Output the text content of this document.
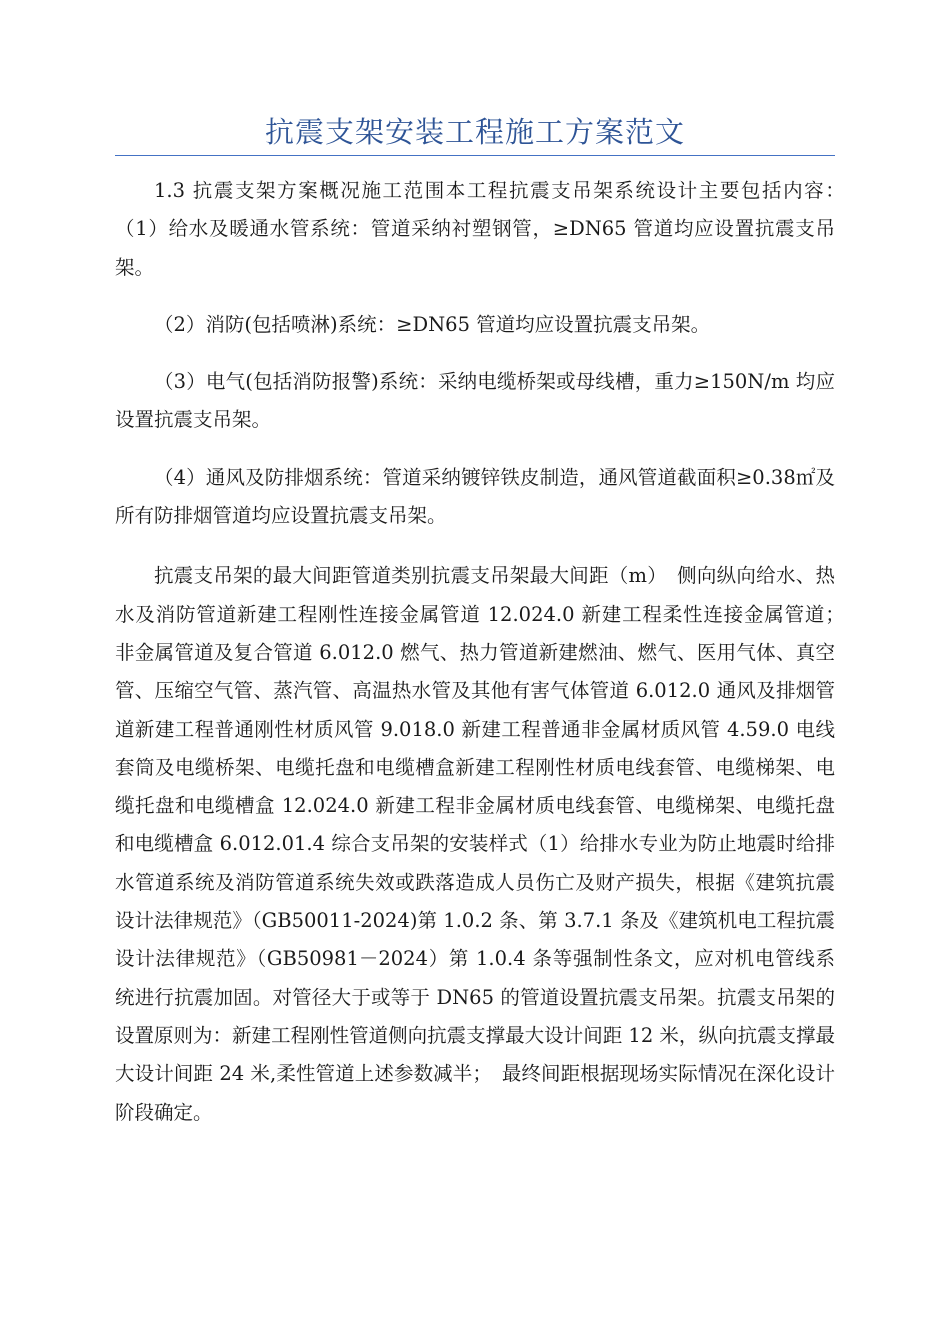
抗震支架安装工程施工方案范文

1.3 抗震支架方案概况施工范围本工程抗震支吊架系统设计主要包括内容：　（1）给水及暖通水管系统：管道采纳衬塑钢管，≥DN65 管道均应设置抗震支吊架。

（2）消防(包括喷淋)系统：≥DN65 管道均应设置抗震支吊架。

（3）电气(包括消防报警)系统：采纳电缆桥架或母线槽，重力≥150N/m 均应设置抗震支吊架。

（4）通风及防排烟系统：管道采纳镀锌铁皮制造，通风管道截面积≥0.38㎡及所有防排烟管道均应设置抗震支吊架。

抗震支吊架的最大间距管道类别抗震支吊架最大间距（m）　侧向纵向给水、热水及消防管道新建工程刚性连接金属管道 12.024.0 新建工程柔性连接金属管道；　非金属管道及复合管道 6.012.0 燃气、热力管道新建燃油、燃气、医用气体、真空管、压缩空气管、蒸汽管、高温热水管及其他有害气体管道 6.012.0 通风及排烟管道新建工程普通刚性材质风管 9.018.0 新建工程普通非金属材质风管 4.59.0 电线套筒及电缆桥架、电缆托盘和电缆槽盒新建工程刚性材质电线套管、电缆梯架、电缆托盘和电缆槽盒 12.024.0 新建工程非金属材质电线套管、电缆梯架、电缆托盘和电缆槽盒 6.012.01.4 综合支吊架的安装样式（1）给排水专业为防止地震时给排水管道系统及消防管道系统失效或跌落造成人员伤亡及财产损失，根据《建筑抗震设计法律规范》（GB50011-2024)第 1.0.2 条、第 3.7.1 条及《建筑机电工程抗震设计法律规范》（GB50981－2024）第 1.0.4 条等强制性条文，应对机电管线系统进行抗震加固。对管径大于或等于 DN65 的管道设置抗震支吊架。抗震支吊架的设置原则为：新建工程刚性管道侧向抗震支撑最大设计间距 12 米，纵向抗震支撑最大设计间距 24 米,柔性管道上述参数减半；　最终间距根据现场实际情况在深化设计阶段确定。
